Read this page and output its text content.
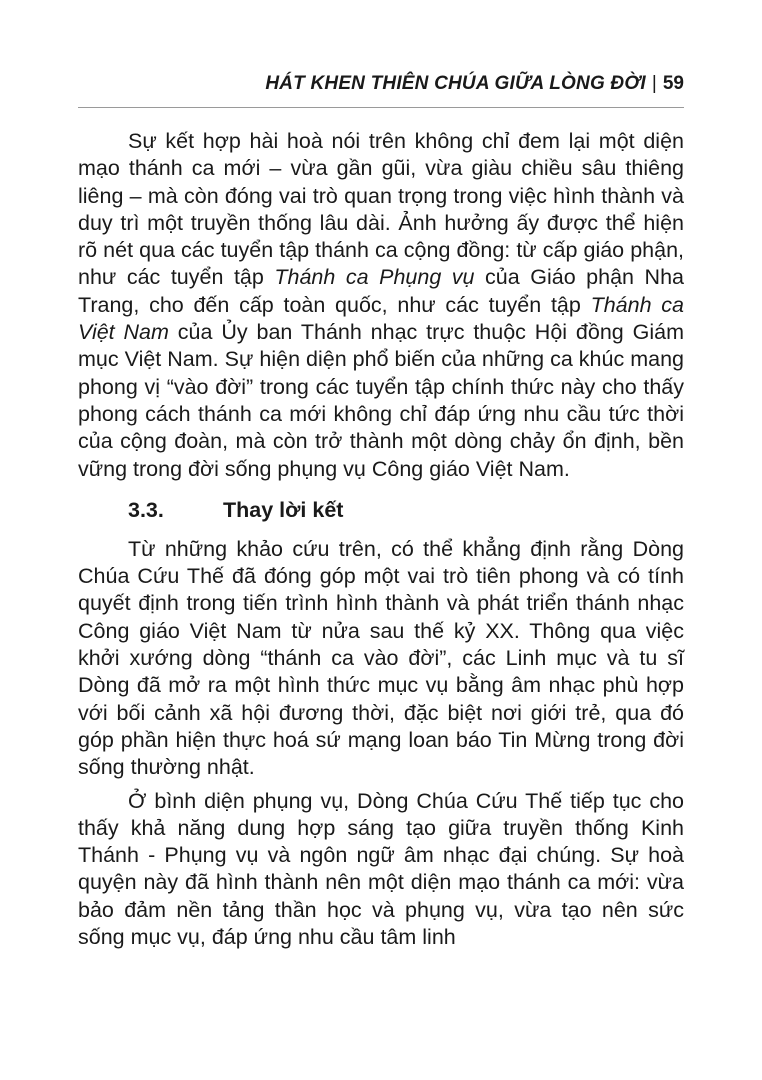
HÁT KHEN THIÊN CHÚA GIỮA LÒNG ĐỜI | 59

Sự kết hợp hài hoà nói trên không chỉ đem lại một diện mạo thánh ca mới – vừa gần gũi, vừa giàu chiều sâu thiêng liêng – mà còn đóng vai trò quan trọng trong việc hình thành và duy trì một truyền thống lâu dài. Ảnh hưởng ấy được thể hiện rõ nét qua các tuyển tập thánh ca cộng đồng: từ cấp giáo phận, như các tuyển tập Thánh ca Phụng vụ của Giáo phận Nha Trang, cho đến cấp toàn quốc, như các tuyển tập Thánh ca Việt Nam của Ủy ban Thánh nhạc trực thuộc Hội đồng Giám mục Việt Nam. Sự hiện diện phổ biến của những ca khúc mang phong vị “vào đời” trong các tuyển tập chính thức này cho thấy phong cách thánh ca mới không chỉ đáp ứng nhu cầu tức thời của cộng đoàn, mà còn trở thành một dòng chảy ổn định, bền vững trong đời sống phụng vụ Công giáo Việt Nam.

3.3.	Thay lời kết

Từ những khảo cứu trên, có thể khẳng định rằng Dòng Chúa Cứu Thế đã đóng góp một vai trò tiên phong và có tính quyết định trong tiến trình hình thành và phát triển thánh nhạc Công giáo Việt Nam từ nửa sau thế kỷ XX. Thông qua việc khởi xướng dòng “thánh ca vào đời”, các Linh mục và tu sĩ Dòng đã mở ra một hình thức mục vụ bằng âm nhạc phù hợp với bối cảnh xã hội đương thời, đặc biệt nơi giới trẻ, qua đó góp phần hiện thực hoá sứ mạng loan báo Tin Mừng trong đời sống thường nhật.

Ở bình diện phụng vụ, Dòng Chúa Cứu Thế tiếp tục cho thấy khả năng dung hợp sáng tạo giữa truyền thống Kinh Thánh - Phụng vụ và ngôn ngữ âm nhạc đại chúng. Sự hoà quyện này đã hình thành nên một diện mạo thánh ca mới: vừa bảo đảm nền tảng thần học và phụng vụ, vừa tạo nên sức sống mục vụ, đáp ứng nhu cầu tâm linh
